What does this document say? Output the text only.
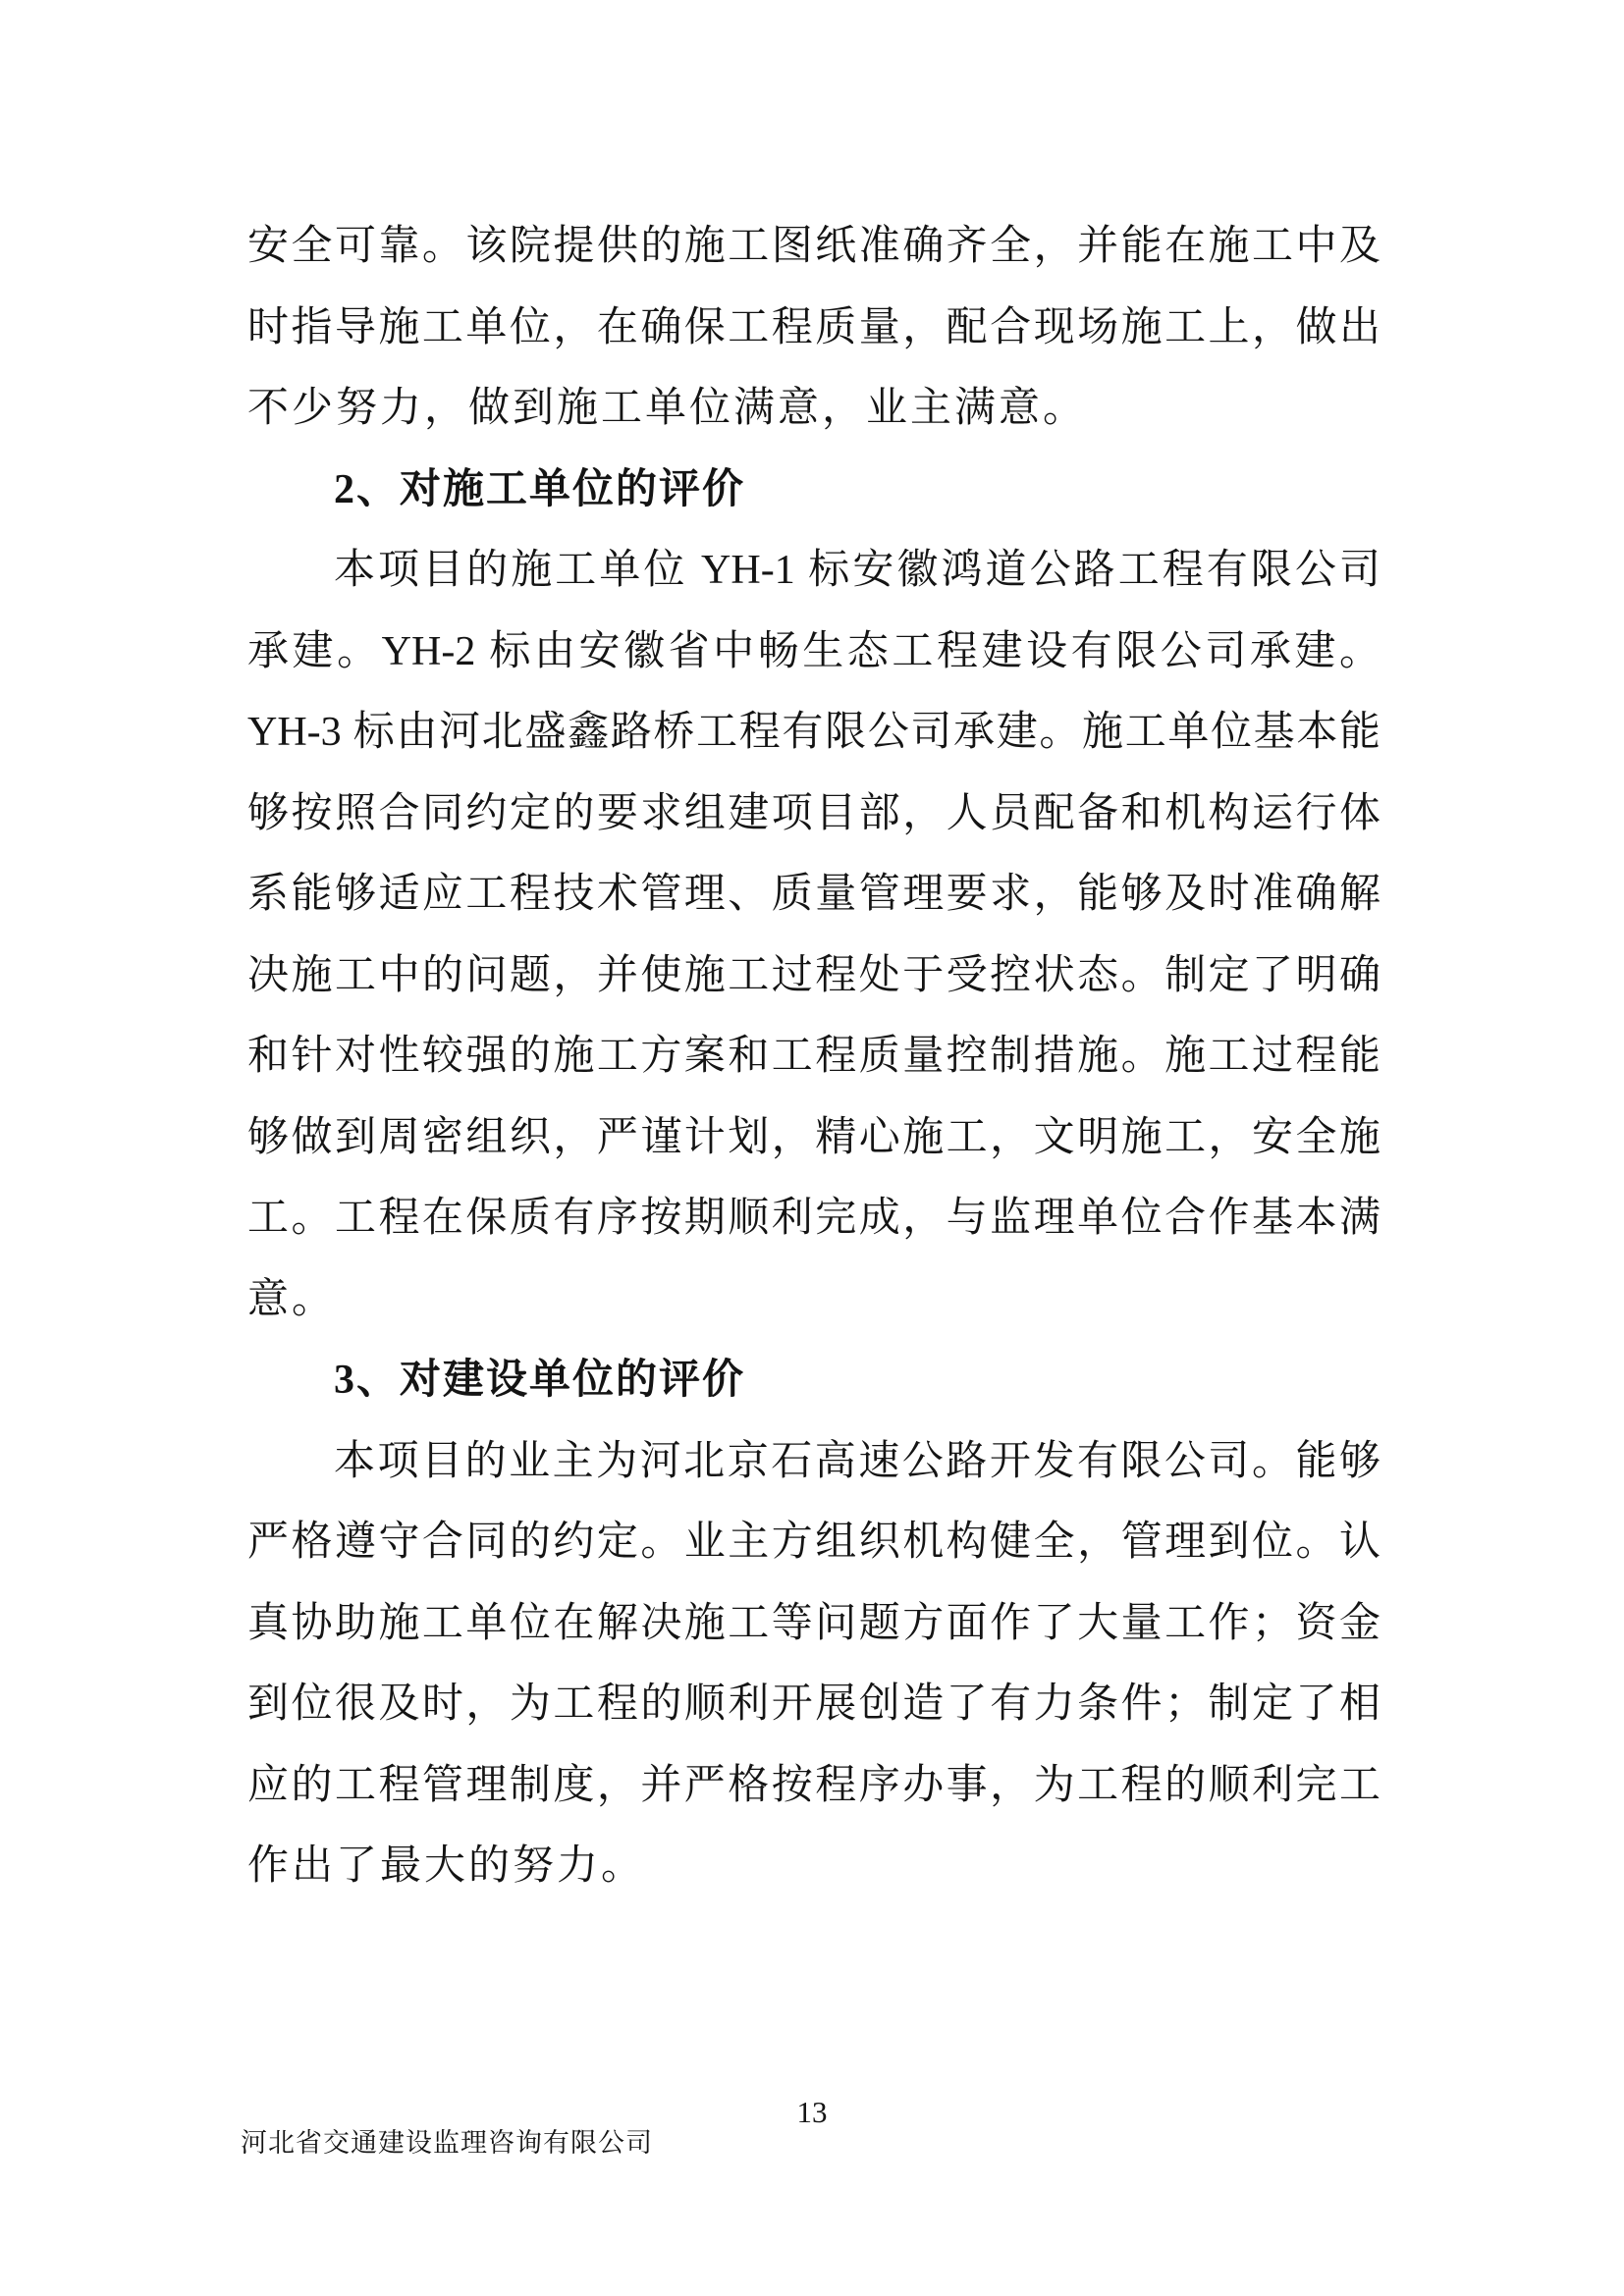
安全可靠。该院提供的施工图纸准确齐全，并能在施工中及
时指导施工单位，在确保工程质量，配合现场施工上，做出
不少努力，做到施工单位满意，业主满意。
2、对施工单位的评价
本项目的施工单位 YH-1 标安徽鸿道公路工程有限公司
承建。YH-2 标由安徽省中畅生态工程建设有限公司承建。
YH-3 标由河北盛鑫路桥工程有限公司承建。施工单位基本能
够按照合同约定的要求组建项目部，人员配备和机构运行体
系能够适应工程技术管理、质量管理要求，能够及时准确解
决施工中的问题，并使施工过程处于受控状态。制定了明确
和针对性较强的施工方案和工程质量控制措施。施工过程能
够做到周密组织，严谨计划，精心施工，文明施工，安全施
工。工程在保质有序按期顺利完成，与监理单位合作基本满
意。
3、对建设单位的评价
本项目的业主为河北京石高速公路开发有限公司。能够
严格遵守合同的约定。业主方组织机构健全，管理到位。认
真协助施工单位在解决施工等问题方面作了大量工作；资金
到位很及时，为工程的顺利开展创造了有力条件；制定了相
应的工程管理制度，并严格按程序办事，为工程的顺利完工
作出了最大的努力。
13
河北省交通建设监理咨询有限公司
